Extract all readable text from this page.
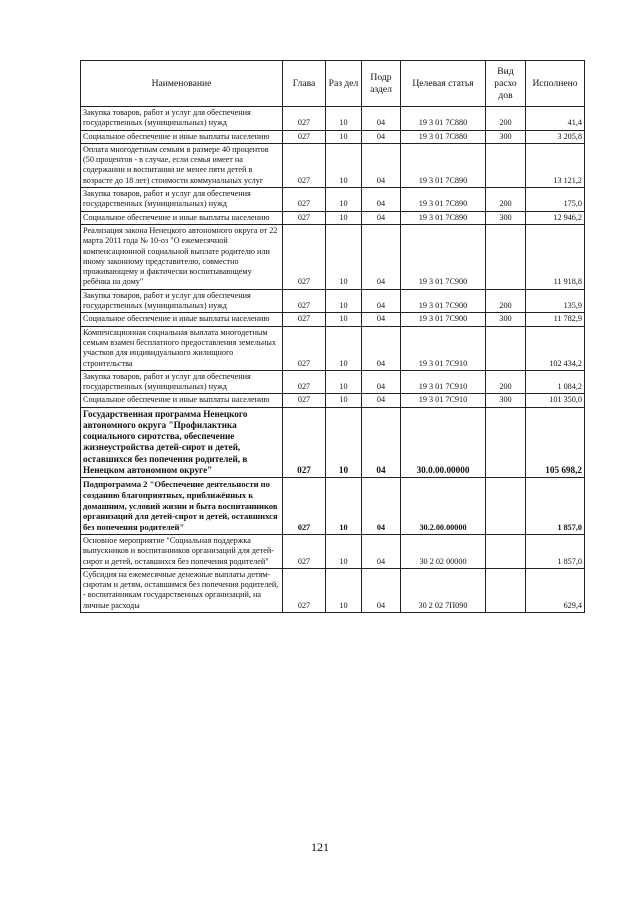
Наименование	Глава	Раз дел	Подр аздел	Целевая статья	Вид расхо дов	Исполнено
Закупка товаров, работ и услуг для обеспечения государственных (муниципальных) нужд	027	10	04	19 3 01 7С880	200	41,4
Социальное обеспечение и иные выплаты населению	027	10	04	19 3 01 7С880	300	3 205,8
Оплата многодетным семьям в размере 40 процентов (50 процентов - в случае, если семья имеет на содержании и воспитании не менее пяти детей в возрасте до 18 лет) стоимости коммунальных услуг	027	10	04	19 3 01 7С890		13 121,2
Закупка товаров, работ и услуг для обеспечения государственных (муниципальных) нужд	027	10	04	19 3 01 7С890	200	175,0
Социальное обеспечение и иные выплаты населению	027	10	04	19 3 01 7С890	300	12 946,2
Реализация закона Ненецкого автономного округа от 22 марта 2011 года № 10-оз "О ежемесячной компенсационной социальной выплате родителю или иному законному представителю, совместно проживающему и фактически воспитывающему ребёнка на дому"	027	10	04	19 3 01 7С900		11 918,8
Закупка товаров, работ и услуг для обеспечения государственных (муниципальных) нужд	027	10	04	19 3 01 7С900	200	135,9
Социальное обеспечение и иные выплаты населению	027	10	04	19 3 01 7С900	300	11 782,9
Компенсационная социальная выплата многодетным семьям взамен бесплатного предоставления земельных участков для индивидуального жилищного строительства	027	10	04	19 3 01 7С910		102 434,2
Закупка товаров, работ и услуг для обеспечения государственных (муниципальных) нужд	027	10	04	19 3 01 7С910	200	1 084,2
Социальное обеспечение и иные выплаты населению	027	10	04	19 3 01 7С910	300	101 350,0
Государственная программа Ненецкого автономного округа "Профилактика социального сиротства, обеспечение жизнеустройства детей-сирот и детей, оставшихся без попечения родителей, в Ненецком автономном округе"	027	10	04	30.0.00.00000		105 698,2
Подпрограмма 2 "Обеспечение деятельности по созданию благоприятных, приближённых к домашним, условий жизни и быта воспитанников организаций для детей-сирот и детей, оставшихся без попечения родителей"	027	10	04	30.2.00.00000		1 857,0
Основное мероприятие "Социальная поддержка выпускников и воспитанников организаций для детей-сирот и детей, оставшихся без попечения родителей"	027	10	04	30 2 02 00000		1 857,0
Субсидия на ежемесячные денежные выплаты детям-сиротам и детям, оставшимся без попечения родителей, - воспитанникам государственных организаций, на личные расходы	027	10	04	30 2 02 7П090		629,4
121
